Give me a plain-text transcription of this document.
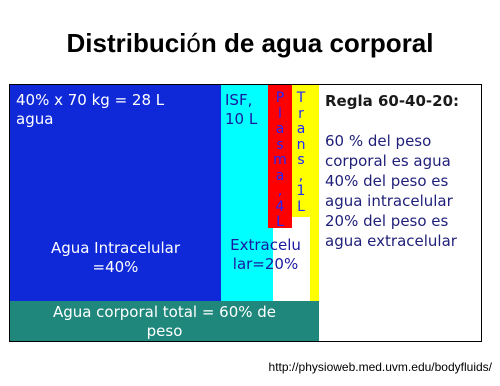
Distribución de agua corporal
40% x 70 kg = 28 L
agua
Agua Intracelular
=40%
ISF,
10 L
P
l
a
s
m
a
,
4
L
T
r
a
n
s
,
1
L
Extracelu
lar=20%
Agua corporal total = 60% de
peso
Regla 60-40-20:
60 % del peso
corporal es agua
40% del peso es
agua intracelular
20% del peso es
agua extracelular
http://physioweb.med.uvm.edu/bodyfluids/
